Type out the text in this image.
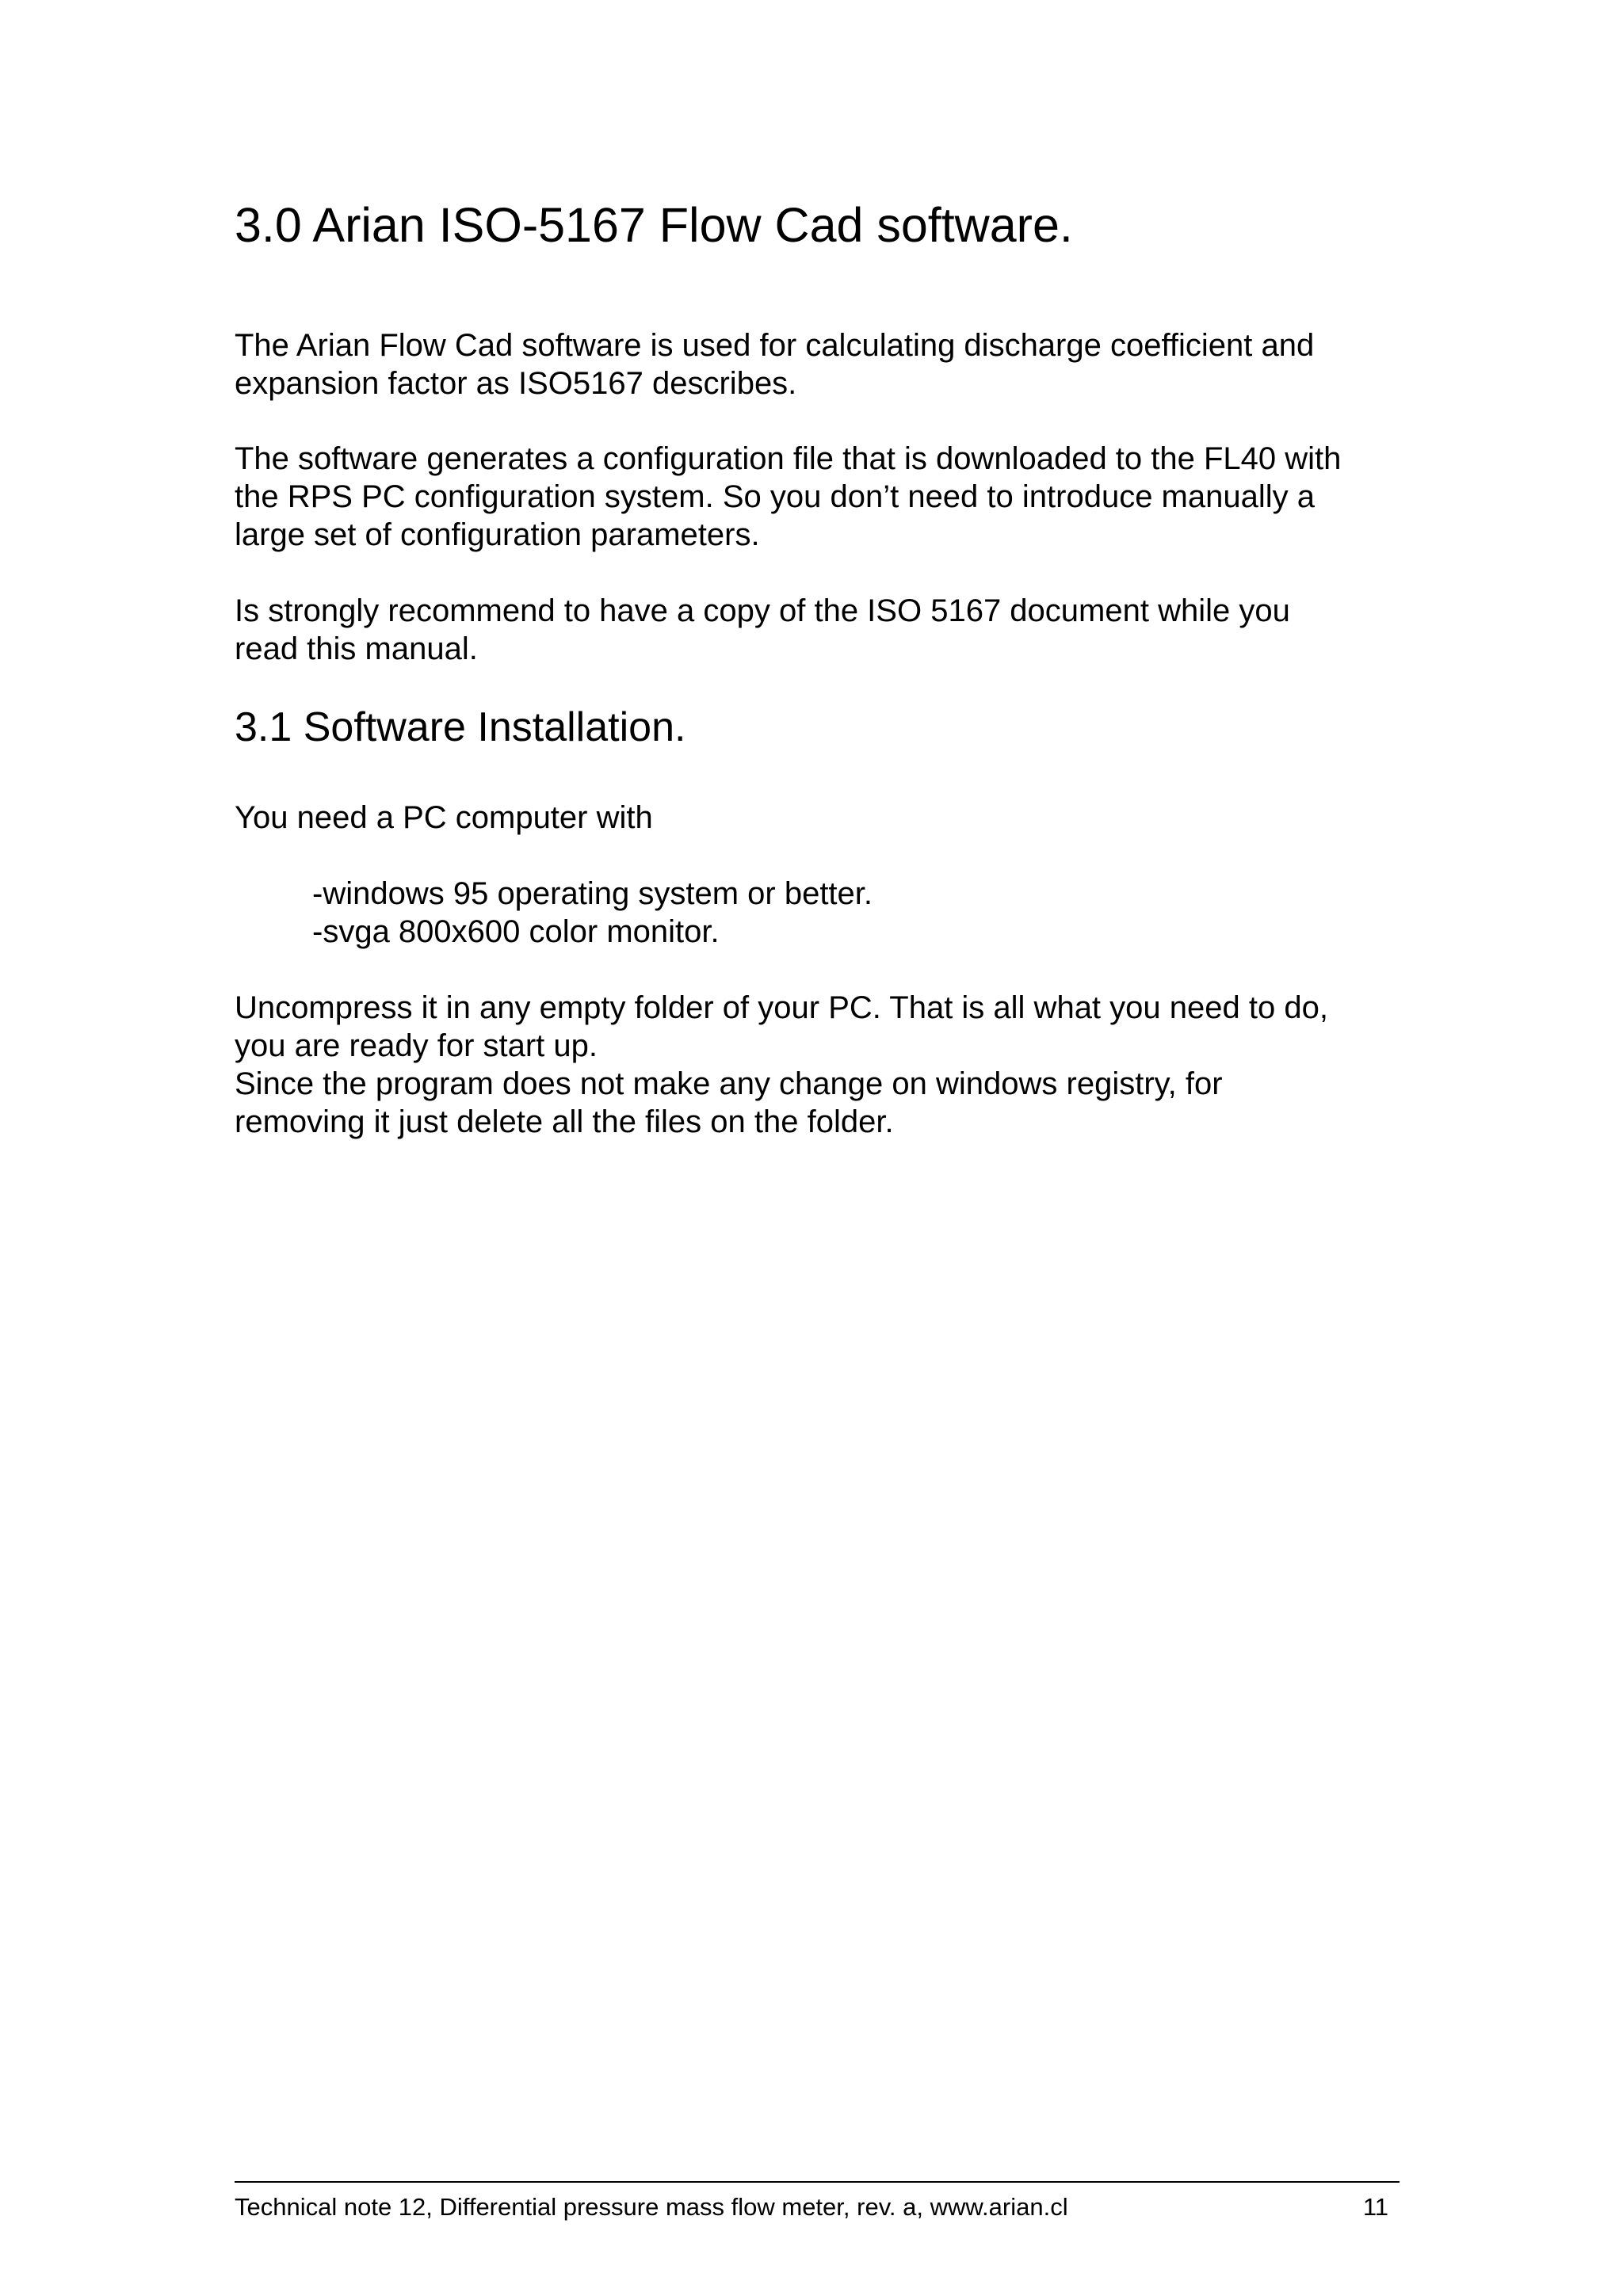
3.0 Arian ISO-5167 Flow Cad software.

The Arian Flow Cad software is used for calculating discharge coefficient and
expansion factor as ISO5167 describes.

The software generates a configuration file that is downloaded to the FL40 with
the RPS PC configuration system. So you don’t need to introduce manually a
large set of configuration parameters.

Is strongly recommend to have a copy of the ISO 5167 document while you
read this manual.

3.1 Software Installation.

You need a PC computer with

-windows 95 operating system or better.

-svga 800x600 color monitor.

Uncompress it in any empty folder of your PC. That is all what you need to do,
you are ready for start up.
Since the program does not make any change on windows registry, for
removing it just delete all the files on the folder.

Technical note 12, Differential pressure mass flow meter, rev. a, www.arian.cl	11
